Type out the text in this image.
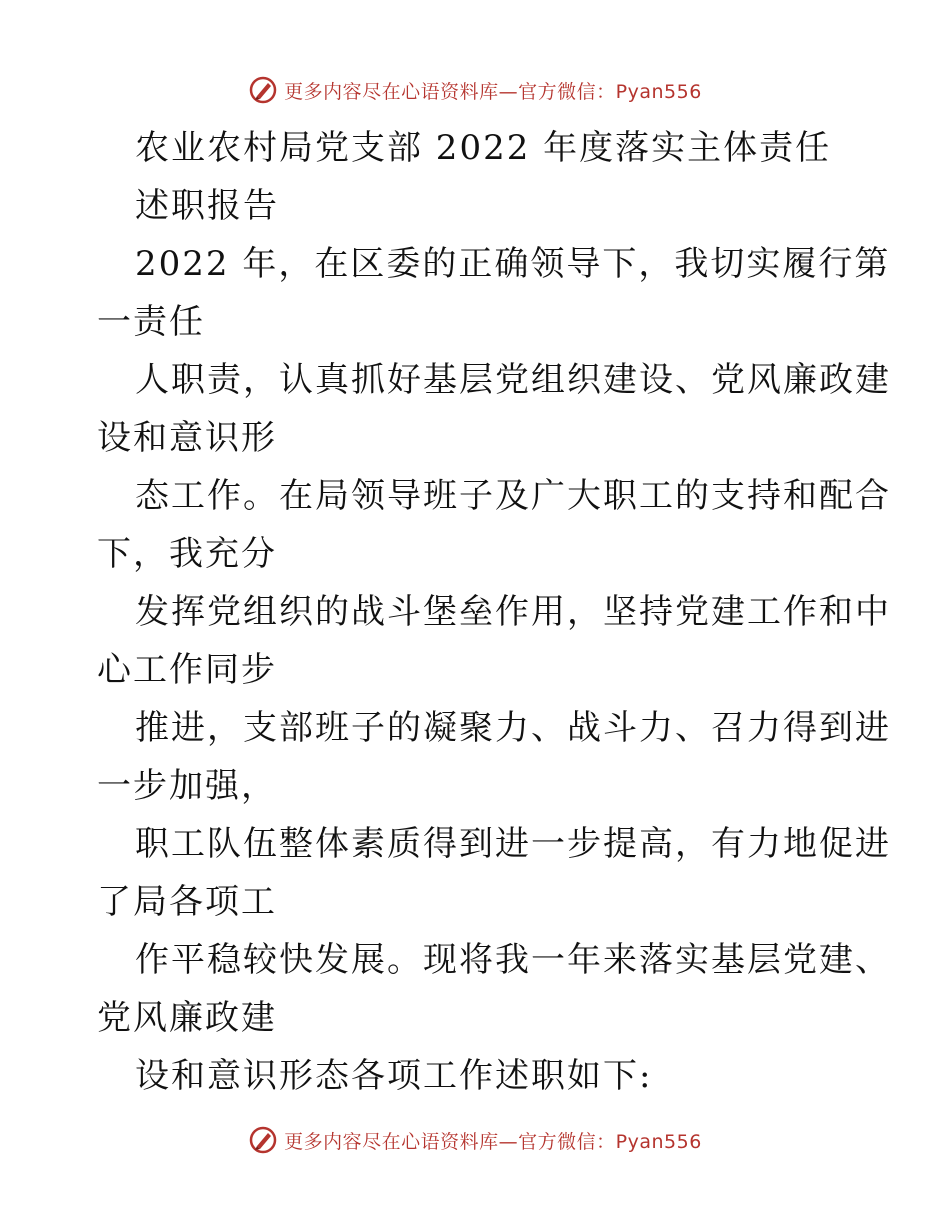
更多内容尽在心语资料库—官方微信：Pyan556
农业农村局党支部 2022 年度落实主体责任
述职报告
2022 年，在区委的正确领导下，我切实履行第
一责任
人职责，认真抓好基层党组织建设、党风廉政建
设和意识形
态工作。在局领导班子及广大职工的支持和配合
下，我充分
发挥党组织的战斗堡垒作用，坚持党建工作和中
心工作同步
推进，支部班子的凝聚力、战斗力、召力得到进
一步加强，
职工队伍整体素质得到进一步提高，有力地促进
了局各项工
作平稳较快发展。现将我一年来落实基层党建、
党风廉政建
设和意识形态各项工作述职如下:
更多内容尽在心语资料库—官方微信：Pyan556
